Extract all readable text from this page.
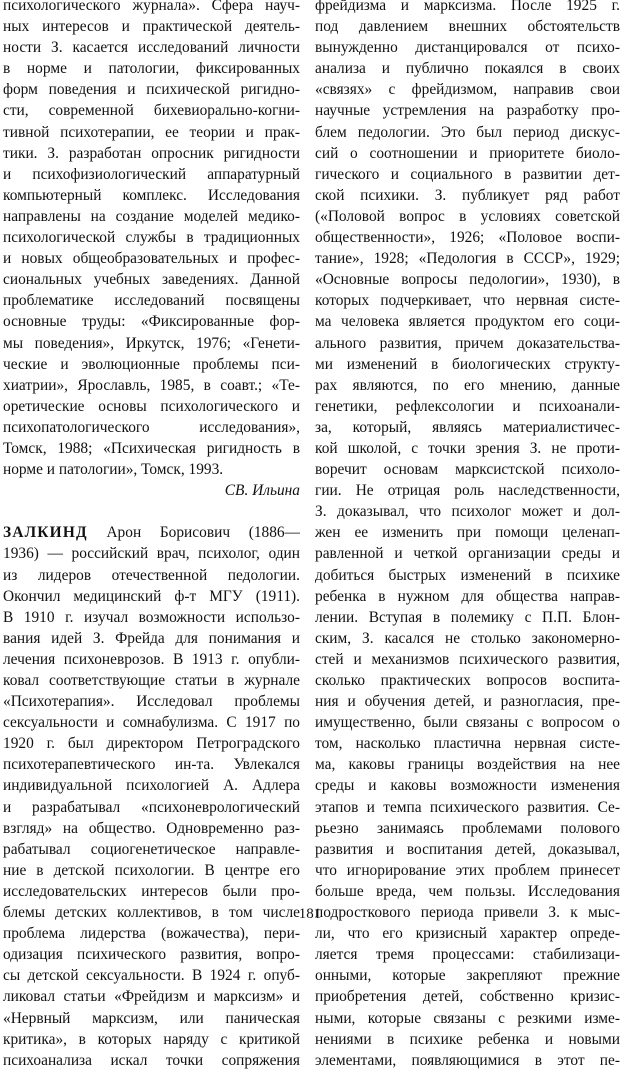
психологического журнала». Сфера науч-
ных интересов и практической деятель-
ности З. касается исследований личности
в норме и патологии, фиксированных
форм поведения и психической ригидно-
сти, современной бихевиорально-когни-
тивной психотерапии, ее теории и прак-
тики. З. разработан опросник ригидности
и психофизиологический аппаратурный
компьютерный комплекс. Исследования
направлены на создание моделей медико-
психологической службы в традиционных
и новых общеобразовательных и профес-
сиональных учебных заведениях. Данной
проблематике исследований посвящены
основные труды: «Фиксированные фор-
мы поведения», Иркутск, 1976; «Генети-
ческие и эволюционные проблемы пси-
хиатрии», Ярославль, 1985, в соавт.; «Те-
оретические основы психологического и
психопатологического исследования»,
Томск, 1988; «Психическая ригидность в
норме и патологии», Томск, 1993.
СВ. Ильина
ЗАЛКИНД Арон Борисович (1886—
1936) — российский врач, психолог, один
из лидеров отечественной педологии.
Окончил медицинский ф-т МГУ (1911).
В 1910 г. изучал возможности использо-
вания идей З. Фрейда для понимания и
лечения психоневрозов. В 1913 г. опубли-
ковал соответствующие статьи в журнале
«Психотерапия». Исследовал проблемы
сексуальности и сомнабулизма. С 1917 по
1920 г. был директором Петроградского
психотерапевтического ин-та. Увлекался
индивидуальной психологией А. Адлера
и разрабатывал «психоневрологический
взгляд» на общество. Одновременно раз-
рабатывал социогенетическое направле-
ние в детской психологии. В центре его
исследовательских интересов были про-
блемы детских коллективов, в том числе
проблема лидерства (вожачества), пери-
одизация психического развития, вопро-
сы детской сексуальности. В 1924 г. опуб-
ликовал статьи «Фрейдизм и марксизм» и
«Нервный марксизм, или паническая
критика», в которых наряду с критикой
психоанализа искал точки сопряжения
фрейдизма и марксизма. После 1925 г.
под давлением внешних обстоятельств
вынужденно дистанцировался от психо-
анализа и публично покаялся в своих
«связях» с фрейдизмом, направив свои
научные устремления на разработку про-
блем педологии. Это был период дискус-
сий о соотношении и приоритете биоло-
гического и социального в развитии дет-
ской психики. З. публикует ряд работ
(«Половой вопрос в условиях советской
общественности», 1926; «Половое воспи-
тание», 1928; «Педология в СССР», 1929;
«Основные вопросы педологии», 1930), в
которых подчеркивает, что нервная систе-
ма человека является продуктом его соци-
ального развития, причем доказательства-
ми изменений в биологических структу-
рах являются, по его мнению, данные
генетики, рефлексологии и психоанали-
за, который, являясь материалистичес-
кой школой, с точки зрения З. не проти-
воречит основам марксистской психоло-
гии. Не отрицая роль наследственности,
З. доказывал, что психолог может и дол-
жен ее изменить при помощи целенап-
равленной и четкой организации среды и
добиться быстрых изменений в психике
ребенка в нужном для общества направ-
лении. Вступая в полемику с П.П. Блон-
ским, З. касался не столько закономерно-
стей и механизмов психического развития,
сколько практических вопросов воспита-
ния и обучения детей, и разногласия, пре-
имущественно, были связаны с вопросом о
том, насколько пластична нервная систе-
ма, каковы границы воздействия на нее
среды и каковы возможности изменения
этапов и темпа психического развития. Се-
рьезно занимаясь проблемами полового
развития и воспитания детей, доказывал,
что игнорирование этих проблем принесет
больше вреда, чем пользы. Исследования
подросткового периода привели З. к мыс-
ли, что его кризисный характер опреде-
ляется тремя процессами: стабилизаци-
онными, которые закрепляют прежние
приобретения детей, собственно кризис-
ными, которые связаны с резкими изме-
нениями в психике ребенка и новыми
элементами, появляющимися в этот пе-
181
